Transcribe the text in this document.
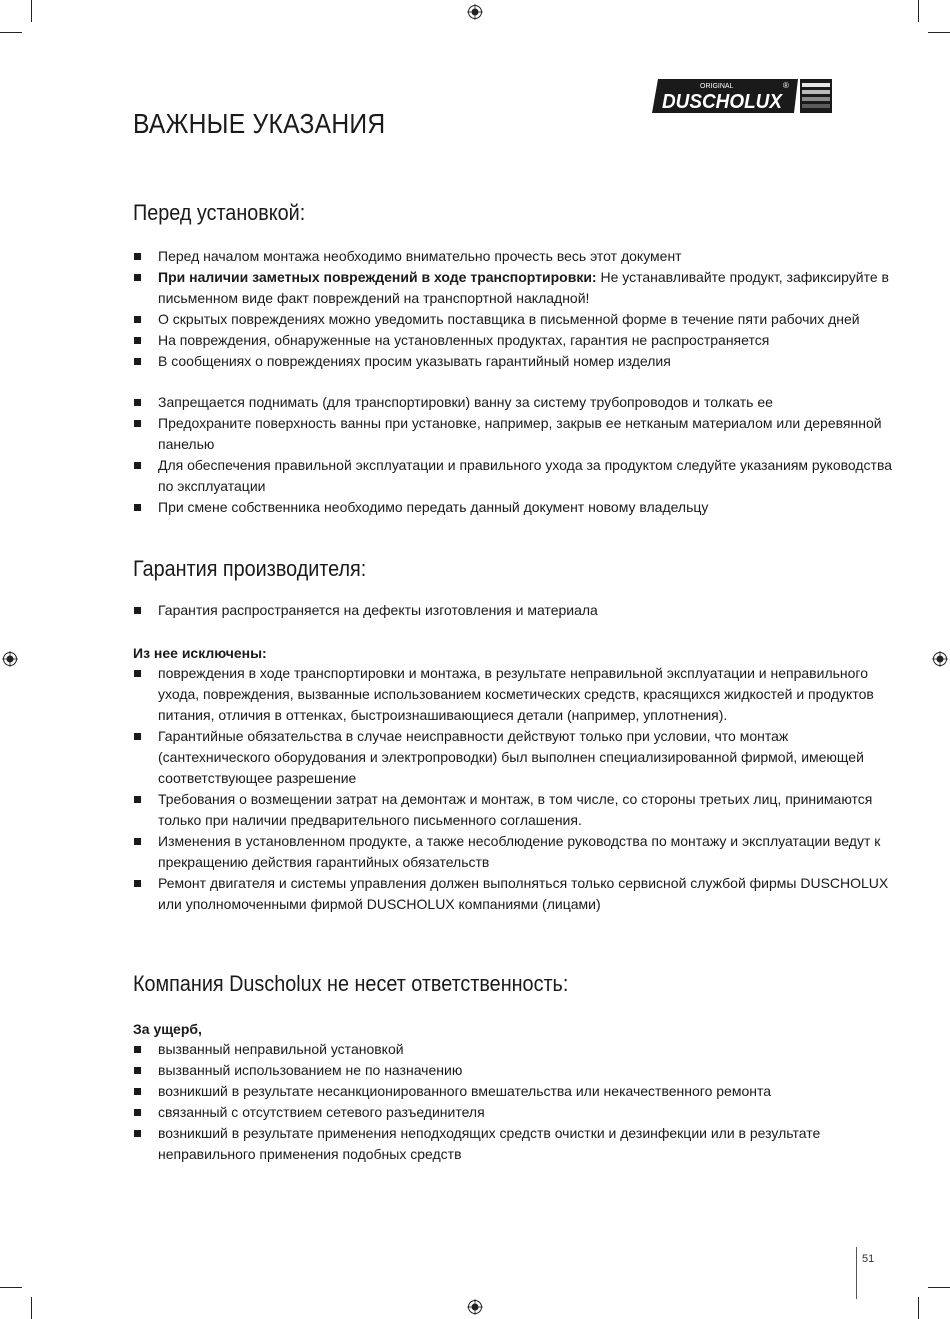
ORIGINAL
DUSCHOLUX
®
ВАЖНЫЕ УКАЗАНИЯ
Перед установкой:
Перед началом монтажа необходимо внимательно прочесть весь этот документ
При наличии заметных повреждений в ходе транспортировки: Не устанавливайте продукт, зафиксируйте в письменном виде факт повреждений на транспортной накладной!
О скрытых повреждениях можно уведомить поставщика в письменной форме в течение пяти рабочих дней
На повреждения, обнаруженные на установленных продуктах, гарантия не распространяется
В сообщениях о повреждениях просим указывать гарантийный номер изделия
Запрещается поднимать (для транспортировки) ванну за систему трубопроводов и толкать ее
Предохраните поверхность ванны при установке, например, закрыв ее нетканым материалом или деревянной панелью
Для обеспечения правильной эксплуатации и правильного ухода за продуктом следуйте указаниям руководства по эксплуатации
При смене собственника необходимо передать данный документ новому владельцу
Гарантия производителя:
Гарантия распространяется на дефекты изготовления и материала
Из нее исключены:
повреждения в ходе транспортировки и монтажа, в результате неправильной эксплуатации и неправильного ухода, повреждения, вызванные использованием косметических средств, красящихся жидкостей и продуктов питания, отличия в оттенках, быстроизнашивающиеся детали (например, уплотнения).
Гарантийные обязательства в случае неисправности действуют только при условии, что монтаж (сантехнического оборудования и электропроводки) был выполнен специализированной фирмой, имеющей соответствующее разрешение
Требования о возмещении затрат на демонтаж и монтаж, в том числе, со стороны третьих лиц, принимаются только при наличии предварительного письменного соглашения.
Изменения в установленном продукте, а также несоблюдение руководства по монтажу и эксплуатации ведут к прекращению действия гарантийных обязательств
Ремонт двигателя и системы управления должен выполняться только сервисной службой фирмы DUSCHOLUX или уполномоченными фирмой DUSCHOLUX компаниями (лицами)
Компания Duscholux не несет ответственность:
За ущерб,
вызванный неправильной установкой
вызванный использованием не по назначению
возникший в результате несанкционированного вмешательства или некачественного ремонта
связанный с отсутствием сетевого разъединителя
возникший в результате применения неподходящих средств очистки и дезинфекции или в результате неправильного применения подобных средств
51
